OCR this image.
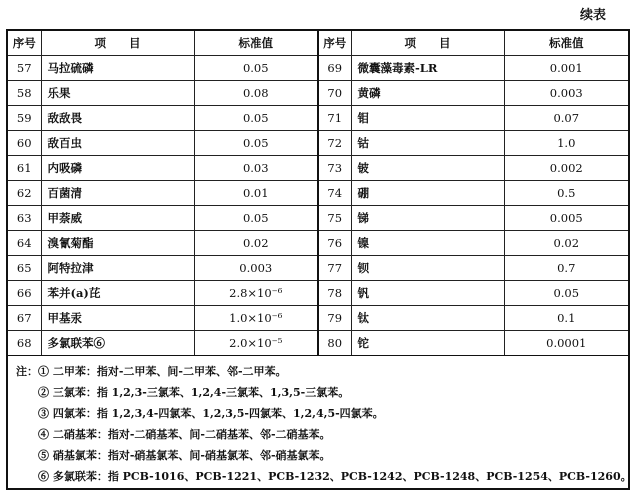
续表
序号	项　　目	标准值	序号	项　　目	标准值
57	马拉硫磷	0.05	69	微囊藻毒素-LR	0.001
58	乐果	0.08	70	黄磷	0.003
59	敌敌畏	0.05	71	钼	0.07
60	敌百虫	0.05	72	钴	1.0
61	内吸磷	0.03	73	铍	0.002
62	百菌清	0.01	74	硼	0.5
63	甲萘威	0.05	75	锑	0.005
64	溴氰菊酯	0.02	76	镍	0.02
65	阿特拉津	0.003	77	钡	0.7
66	苯并(a)芘	2.8×10⁻⁶	78	钒	0.05
67	甲基汞	1.0×10⁻⁶	79	钛	0.1
68	多氯联苯⑥	2.0×10⁻⁵	80	铊	0.0001
注：① 二甲苯：指对-二甲苯、间-二甲苯、邻-二甲苯。
② 三氯苯：指 1,2,3-三氯苯、1,2,4-三氯苯、1,3,5-三氯苯。
③ 四氯苯：指 1,2,3,4-四氯苯、1,2,3,5-四氯苯、1,2,4,5-四氯苯。
④ 二硝基苯：指对-二硝基苯、间-二硝基苯、邻-二硝基苯。
⑤ 硝基氯苯：指对-硝基氯苯、间-硝基氯苯、邻-硝基氯苯。
⑥ 多氯联苯：指 PCB-1016、PCB-1221、PCB-1232、PCB-1242、PCB-1248、PCB-1254、PCB-1260。
